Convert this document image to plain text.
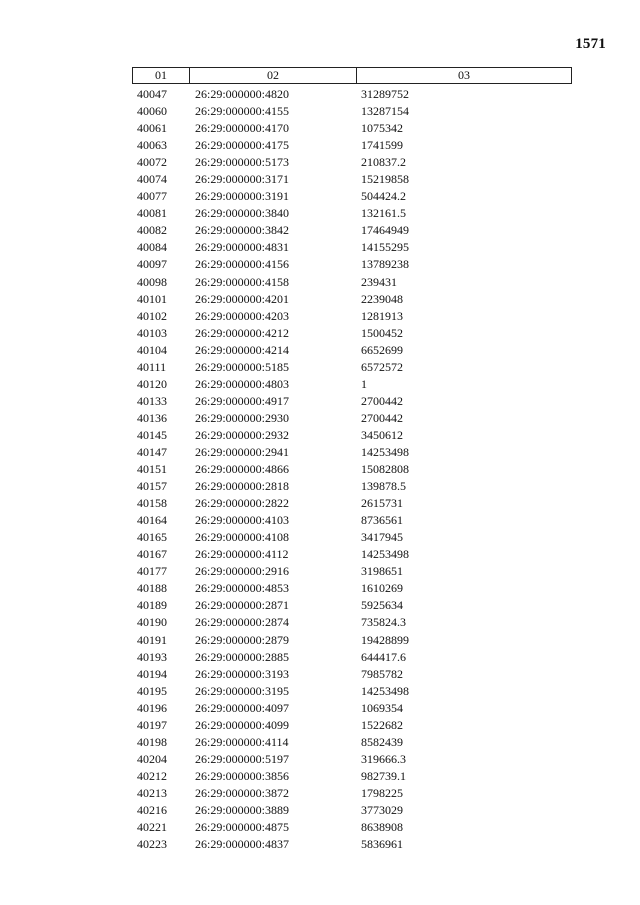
1571
01	02	03
40047	26:29:000000:4820	31289752
40060	26:29:000000:4155	13287154
40061	26:29:000000:4170	1075342
40063	26:29:000000:4175	1741599
40072	26:29:000000:5173	210837.2
40074	26:29:000000:3171	15219858
40077	26:29:000000:3191	504424.2
40081	26:29:000000:3840	132161.5
40082	26:29:000000:3842	17464949
40084	26:29:000000:4831	14155295
40097	26:29:000000:4156	13789238
40098	26:29:000000:4158	239431
40101	26:29:000000:4201	2239048
40102	26:29:000000:4203	1281913
40103	26:29:000000:4212	1500452
40104	26:29:000000:4214	6652699
40111	26:29:000000:5185	6572572
40120	26:29:000000:4803	1
40133	26:29:000000:4917	2700442
40136	26:29:000000:2930	2700442
40145	26:29:000000:2932	3450612
40147	26:29:000000:2941	14253498
40151	26:29:000000:4866	15082808
40157	26:29:000000:2818	139878.5
40158	26:29:000000:2822	2615731
40164	26:29:000000:4103	8736561
40165	26:29:000000:4108	3417945
40167	26:29:000000:4112	14253498
40177	26:29:000000:2916	3198651
40188	26:29:000000:4853	1610269
40189	26:29:000000:2871	5925634
40190	26:29:000000:2874	735824.3
40191	26:29:000000:2879	19428899
40193	26:29:000000:2885	644417.6
40194	26:29:000000:3193	7985782
40195	26:29:000000:3195	14253498
40196	26:29:000000:4097	1069354
40197	26:29:000000:4099	1522682
40198	26:29:000000:4114	8582439
40204	26:29:000000:5197	319666.3
40212	26:29:000000:3856	982739.1
40213	26:29:000000:3872	1798225
40216	26:29:000000:3889	3773029
40221	26:29:000000:4875	8638908
40223	26:29:000000:4837	5836961
